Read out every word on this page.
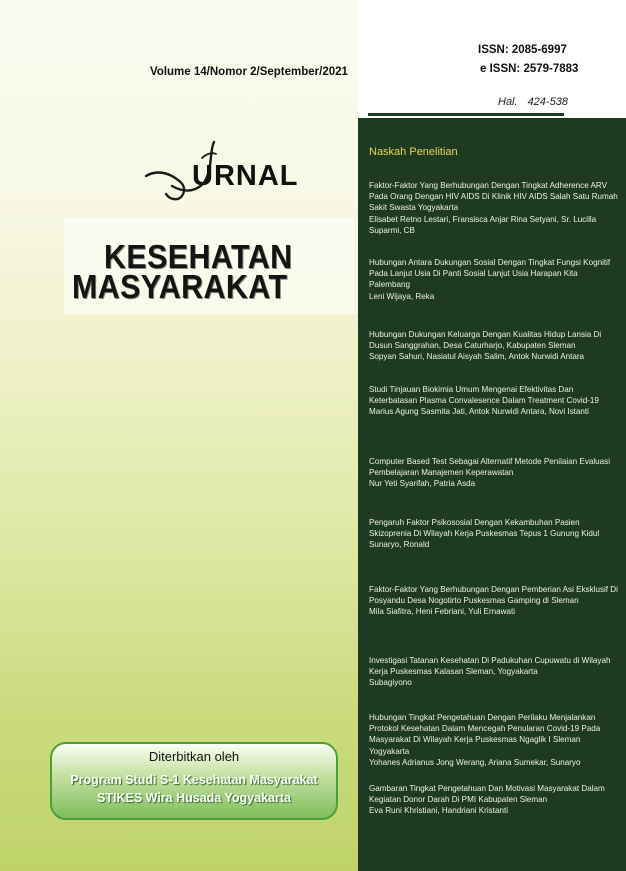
Volume 14/Nomor 2/September/2021
URNAL
KESEHATAN
MASYARAKAT
Diterbitkan oleh
Program Studi S-1 Kesehatan Masyarakat
STIKES Wira Husada Yogyakarta
ISSN: 2085-6997
e ISSN: 2579-7883
Hal. 424-538
Naskah Penelitian
Faktor-Faktor Yang Berhubungan Dengan Tingkat Adherence ARV Pada Orang Dengan HIV AIDS Di Klinik HIV AIDS Salah Satu Rumah Sakit Swasta Yogyakarta
Elisabet Retno Lestari, Fransisca Anjar Rina Setyani, Sr. Lucilla Suparmi, CB
Hubungan Antara Dukungan Sosial Dengan Tingkat Fungsi Kognitif Pada Lanjut Usia Di Panti Sosial Lanjut Usia Harapan Kita Palembang
Leni Wijaya, Reka
Hubungan Dukungan Keluarga Dengan Kualitas Hidup Lansia Di Dusun Sanggrahan, Desa Caturharjo, Kabupaten Sleman
Sopyan Sahuri, Nasiatul Aisyah Salim, Antok Nurwidi Antara
Studi Tinjauan Biokimia Umum Mengenai Efektivitas Dan Keterbatasan Plasma Convalesence Dalam Treatment Covid-19
Marius Agung Sasmita Jati, Antok Nurwidi Antara, Novi Istanti
Computer Based Test Sebagai Alternatif Metode Penilaian Evaluasi Pembelajaran Manajemen Keperawatan
Nur Yeti Syarifah, Patria Asda
Pengaruh Faktor Psikososial Dengan Kekambuhan Pasien Skizoprenia Di Wilayah Kerja Puskesmas Tepus 1 Gunung Kidul
Sunaryo, Ronald
Faktor-Faktor Yang Berhubungan Dengan Pemberian Asi Eksklusif Di Posyandu Desa Nogotirto Puskesmas Gamping di Sleman
Mila Siafitra, Heni Febriani, Yuli Ernawati
Investigasi Tatanan Kesehatan Di Padukuhan Cupuwatu di Wilayah Kerja Puskesmas Kalasan Sleman, Yogyakarta
Subagiyono
Hubungan Tingkat Pengetahuan Dengan Perilaku Menjalankan Protokol Kesehatan Dalam Mencegah Penularan Covid-19 Pada Masyarakat Di Wilayah Kerja Puskesmas Ngaglik I Sleman Yogyakarta
Yohanes Adrianus Jong Werang, Ariana Sumekar, Sunaryo
Gambaran Tingkat Pengetahuan Dan Motivasi Masyarakat Dalam Kegiatan Donor Darah Di PMI Kabupaten Sleman
Eva Runi Khristiani, Handriani Kristanti
